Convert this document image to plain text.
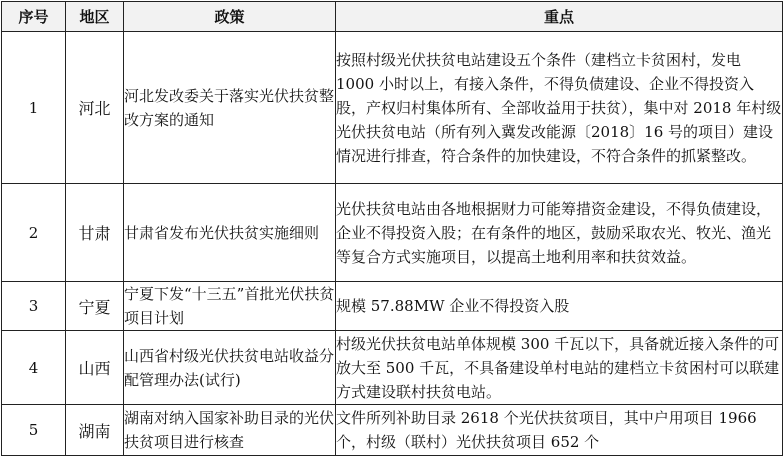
序号	地区	政策	重点
1	河北	河北发改委关于落实光伏扶贫整改方案的通知	按照村级光伏扶贫电站建设五个条件（建档立卡贫困村，发电 1000 小时以上，有接入条件，不得负债建设、企业不得投资入股，产权归村集体所有、全部收益用于扶贫），集中对 2018 年村级光伏扶贫电站（所有列入冀发改能源〔2018〕16 号的项目）建设情况进行排查，符合条件的加快建设，不符合条件的抓紧整改。
2	甘肃	甘肃省发布光伏扶贫实施细则	光伏扶贫电站由各地根据财力可能筹措资金建设，不得负债建设，企业不得投资入股；在有条件的地区，鼓励采取农光、牧光、渔光等复合方式实施项目，以提高土地利用率和扶贫效益。
3	宁夏	宁夏下发“十三五”首批光伏扶贫项目计划	规模 57.88MW 企业不得投资入股
4	山西	山西省村级光伏扶贫电站收益分配管理办法(试行)	村级光伏扶贫电站单体规模 300 千瓦以下，具备就近接入条件的可放大至 500 千瓦，不具备建设单村电站的建档立卡贫困村可以联建方式建设联村扶贫电站。
5	湖南	湖南对纳入国家补助目录的光伏扶贫项目进行核查	文件所列补助目录 2618 个光伏扶贫项目，其中户用项目 1966 个，村级（联村）光伏扶贫项目 652 个
